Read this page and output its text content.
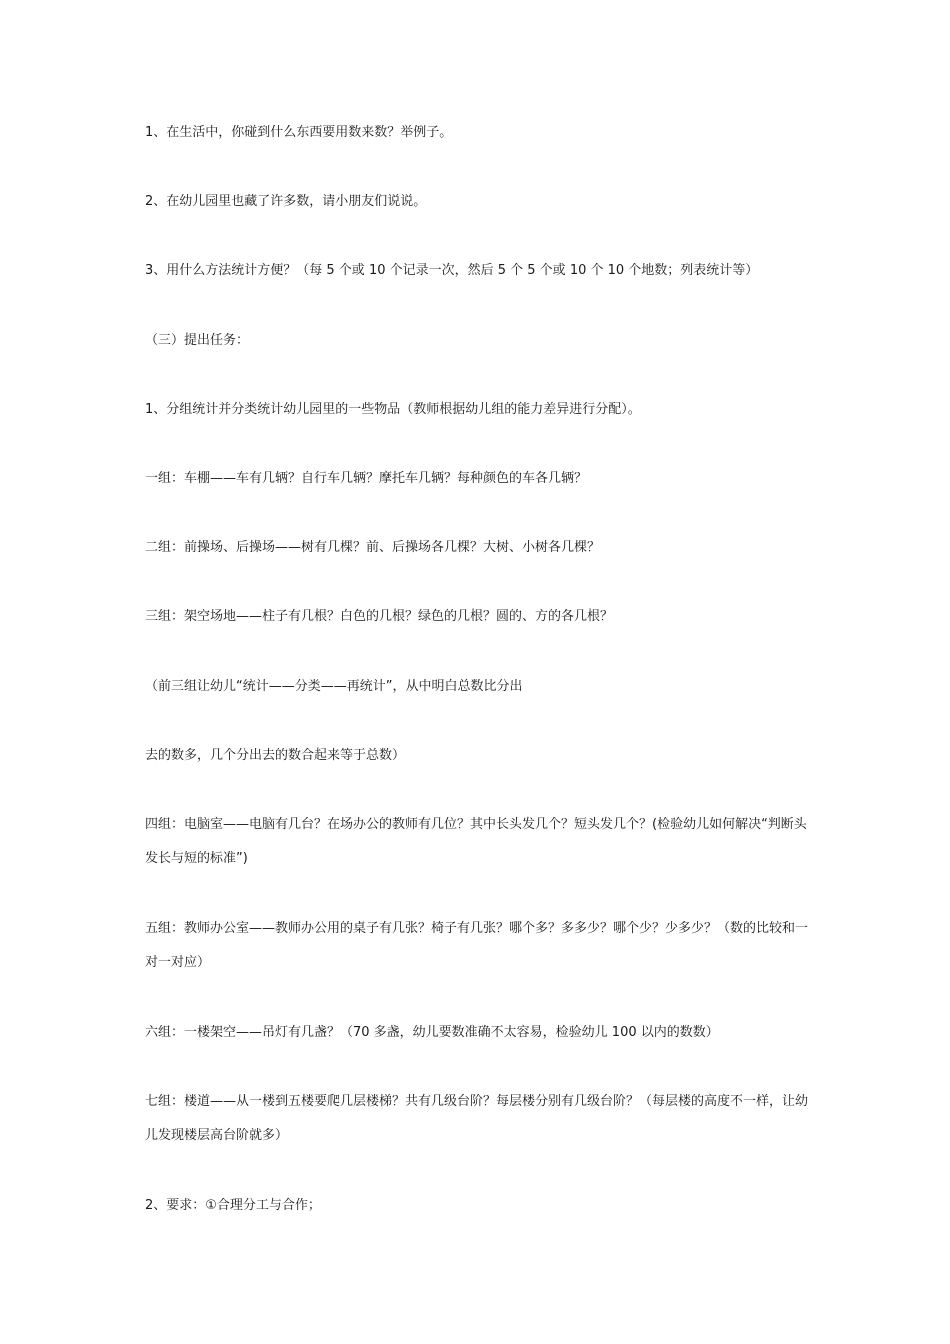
1、在生活中，你碰到什么东西要用数来数？举例子。

2、在幼儿园里也藏了许多数，请小朋友们说说。

3、用什么方法统计方便？（每 5 个或 10 个记录一次，然后 5 个 5 个或 10 个 10 个地数；列表统计等）

（三）提出任务：

1、分组统计并分类统计幼儿园里的一些物品（教师根据幼儿组的能力差异进行分配）。

一组：车棚——车有几辆？自行车几辆？摩托车几辆？每种颜色的车各几辆？

二组：前操场、后操场——树有几棵？前、后操场各几棵？大树、小树各几棵？

三组：架空场地——柱子有几根？白色的几根？绿色的几根？圆的、方的各几根？

（前三组让幼儿“统计——分类——再统计”，从中明白总数比分出

去的数多，几个分出去的数合起来等于总数）

四组：电脑室——电脑有几台？在场办公的教师有几位？其中长头发几个？短头发几个？(检验幼儿如何解决“判断头发长与短的标准”)

五组：教师办公室——教师办公用的桌子有几张？椅子有几张？哪个多？多多少？哪个少？少多少？（数的比较和一对一对应）

六组：一楼架空——吊灯有几盏？（70 多盏，幼儿要数准确不太容易，检验幼儿 100 以内的数数）

七组：楼道——从一楼到五楼要爬几层楼梯？共有几级台阶？每层楼分别有几级台阶？（每层楼的高度不一样，让幼儿发现楼层高台阶就多）

2、要求：①合理分工与合作；
